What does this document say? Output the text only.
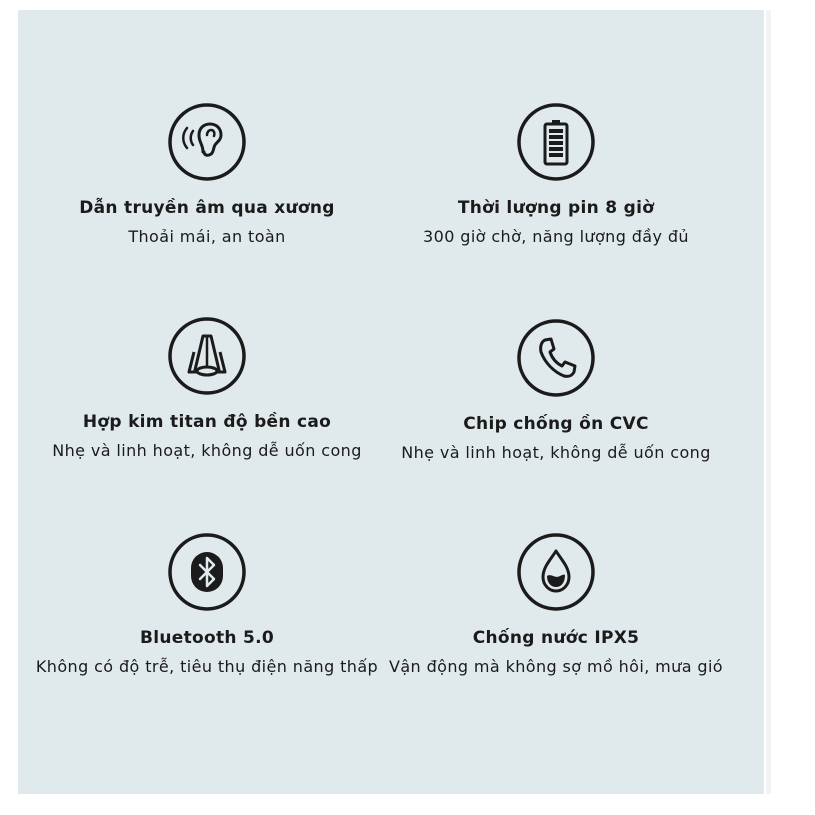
Dẫn truyền âm qua xương
Thoải mái, an toàn
Thời lượng pin 8 giờ
300 giờ chờ, năng lượng đầy đủ
Hợp kim titan độ bền cao
Nhẹ và linh hoạt, không dễ uốn cong
Chip chống ồn CVC
Nhẹ và linh hoạt, không dễ uốn cong
Bluetooth 5.0
Không có độ trễ, tiêu thụ điện năng thấp
Chống nước IPX5
Vận động mà không sợ mồ hôi, mưa gió
